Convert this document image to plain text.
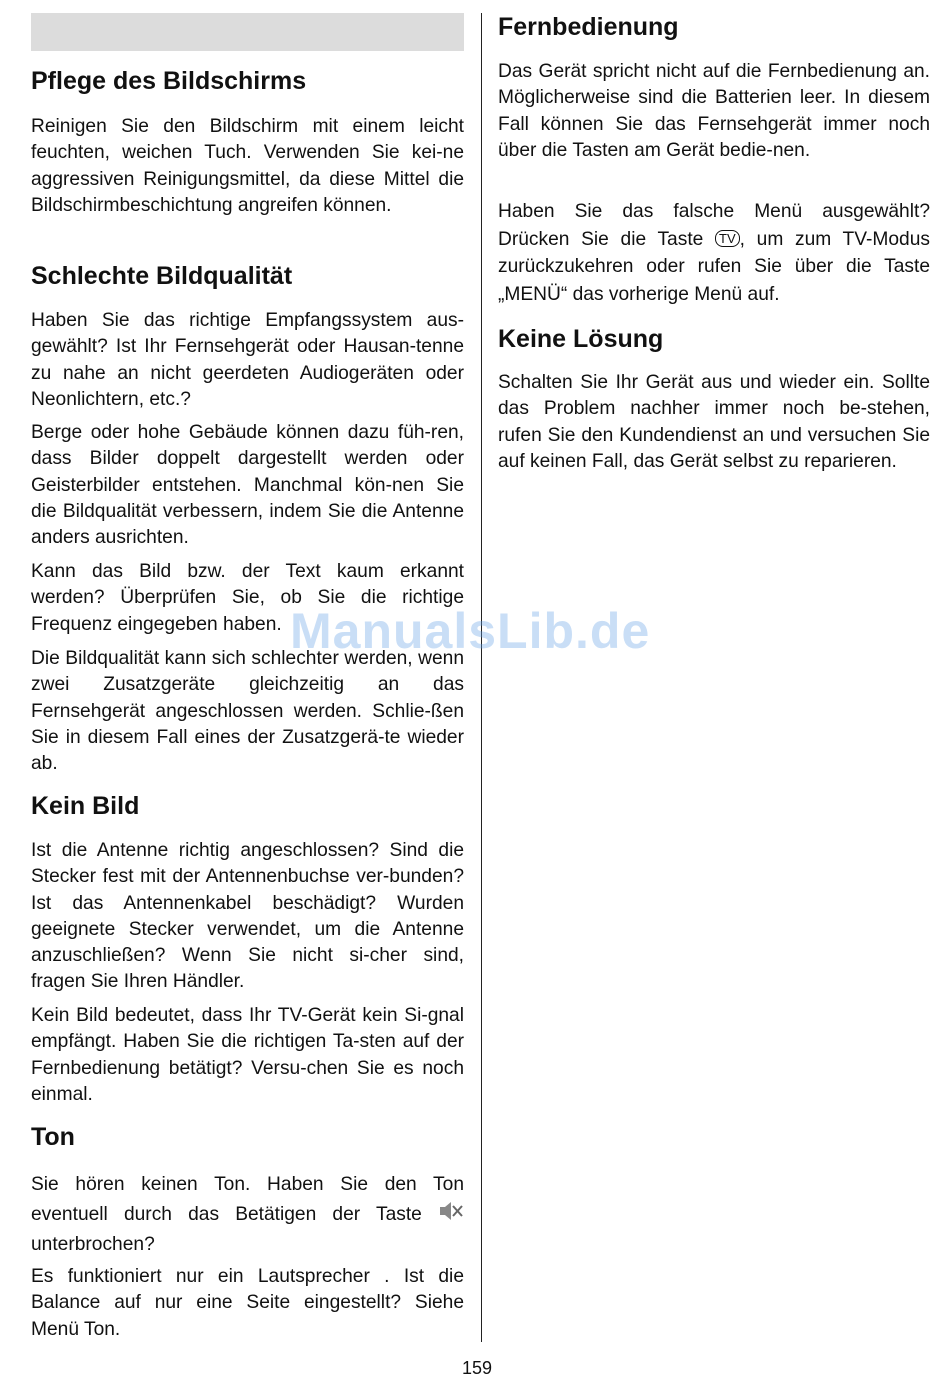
Pflege des Bildschirms

Reinigen Sie den Bildschirm mit einem leicht feuchten, weichen Tuch. Verwenden Sie kei-ne aggressiven Reinigungsmittel, da diese Mittel die Bildschirmbeschichtung angreifen können.

Schlechte Bildqualität

Haben Sie das richtige Empfangssystem aus-gewählt? Ist Ihr Fernsehgerät oder Hausan-tenne zu nahe an nicht geerdeten Audiogeräten oder Neonlichtern, etc.?

Berge oder hohe Gebäude können dazu füh-ren, dass Bilder doppelt dargestellt werden oder Geisterbilder entstehen. Manchmal kön-nen Sie die Bildqualität verbessern, indem Sie die Antenne anders ausrichten.

Kann das Bild bzw. der Text kaum erkannt werden? Überprüfen Sie, ob Sie die richtige Frequenz eingegeben haben.

Die Bildqualität kann sich schlechter werden, wenn zwei Zusatzgeräte gleichzeitig an das Fernsehgerät angeschlossen werden. Schlie-ßen Sie in diesem Fall eines der Zusatzgerä-te wieder ab.

Kein Bild

Ist die Antenne richtig angeschlossen? Sind die Stecker fest mit der Antennenbuchse ver-bunden? Ist das Antennenkabel beschädigt? Wurden geeignete Stecker verwendet, um die Antenne anzuschließen? Wenn Sie nicht si-cher sind, fragen Sie Ihren Händler.

Kein Bild bedeutet, dass Ihr TV-Gerät kein Si-gnal empfängt. Haben Sie die richtigen Ta-sten auf der Fernbedienung betätigt? Versu-chen Sie es noch einmal.

Ton

Sie hören keinen Ton. Haben Sie den Ton eventuell durch das Betätigen der Taste  unterbrochen?

Es funktioniert nur ein Lautsprecher . Ist die Balance auf nur eine Seite eingestellt? Siehe Menü Ton.

Fernbedienung

Das Gerät spricht nicht auf die Fernbedienung an. Möglicherweise sind die Batterien leer. In diesem Fall können Sie das Fernsehgerät immer noch über die Tasten am Gerät bedie-nen.

Haben Sie das falsche Menü ausgewählt? Drücken Sie die Taste TV , um zum TV-Modus zurückzukehren oder rufen Sie über die Taste „MENÜ“ das vorherige Menü auf.

Keine Lösung

Schalten Sie Ihr Gerät aus und wieder ein. Sollte das Problem nachher immer noch be-stehen, rufen Sie den Kundendienst an und versuchen Sie auf keinen Fall, das Gerät selbst zu reparieren.

ManualsLib.de
159
